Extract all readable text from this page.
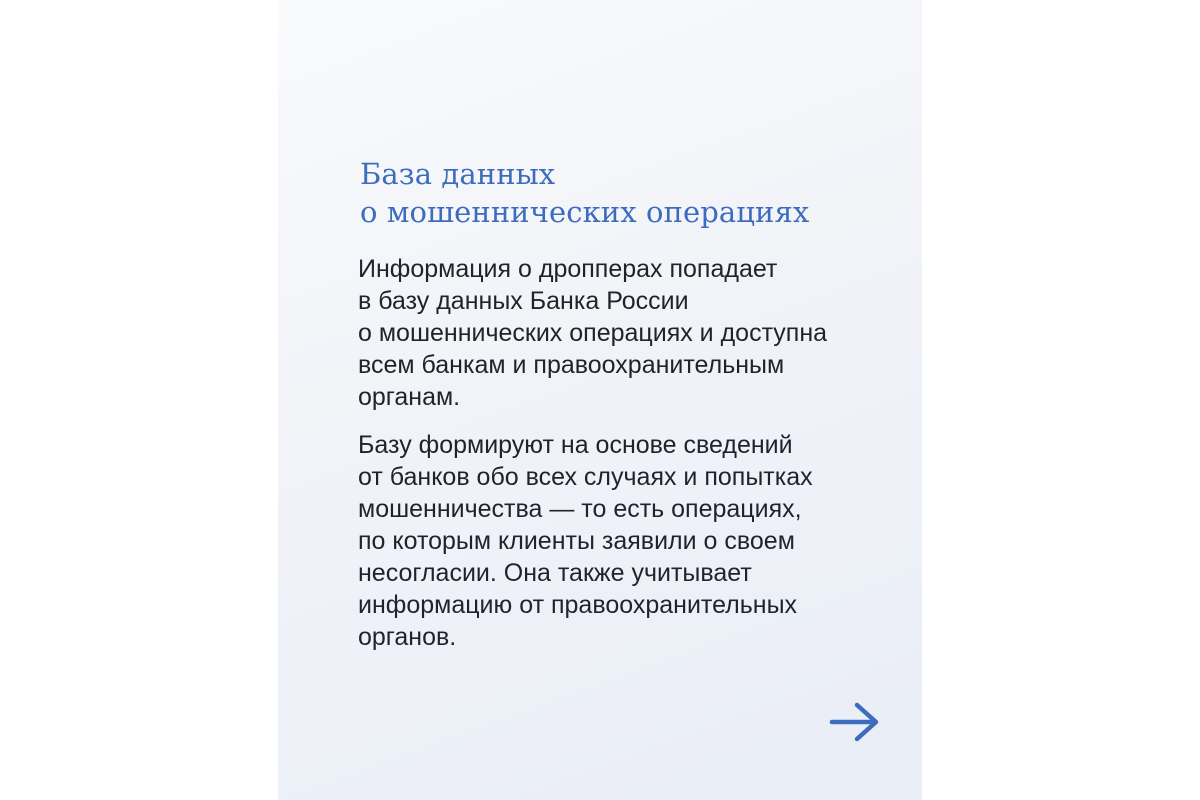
База данных
о мошеннических операциях

Информация о дропперах попадает
в базу данных Банка России
о мошеннических операциях и доступна
всем банкам и правоохранительным
органам.

Базу формируют на основе сведений
от банков обо всех случаях и попытках
мошенничества — то есть операциях,
по которым клиенты заявили о своем
несогласии. Она также учитывает
информацию от правоохранительных
органов.
